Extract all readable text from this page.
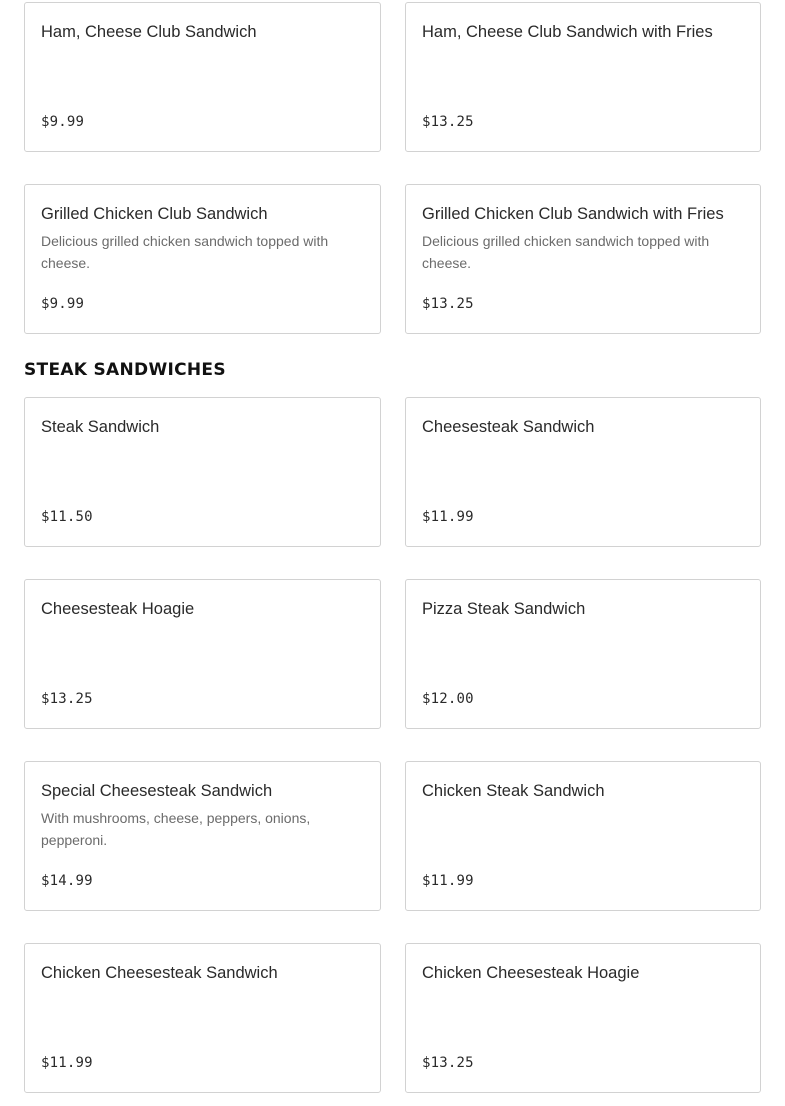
Ham, Cheese Club Sandwich
$9.99
Ham, Cheese Club Sandwich with Fries
$13.25
Grilled Chicken Club Sandwich
Delicious grilled chicken sandwich topped with cheese.
$9.99
Grilled Chicken Club Sandwich with Fries
Delicious grilled chicken sandwich topped with cheese.
$13.25
STEAK SANDWICHES
Steak Sandwich
$11.50
Cheesesteak Sandwich
$11.99
Cheesesteak Hoagie
$13.25
Pizza Steak Sandwich
$12.00
Special Cheesesteak Sandwich
With mushrooms, cheese, peppers, onions, pepperoni.
$14.99
Chicken Steak Sandwich
$11.99
Chicken Cheesesteak Sandwich
$11.99
Chicken Cheesesteak Hoagie
$13.25
